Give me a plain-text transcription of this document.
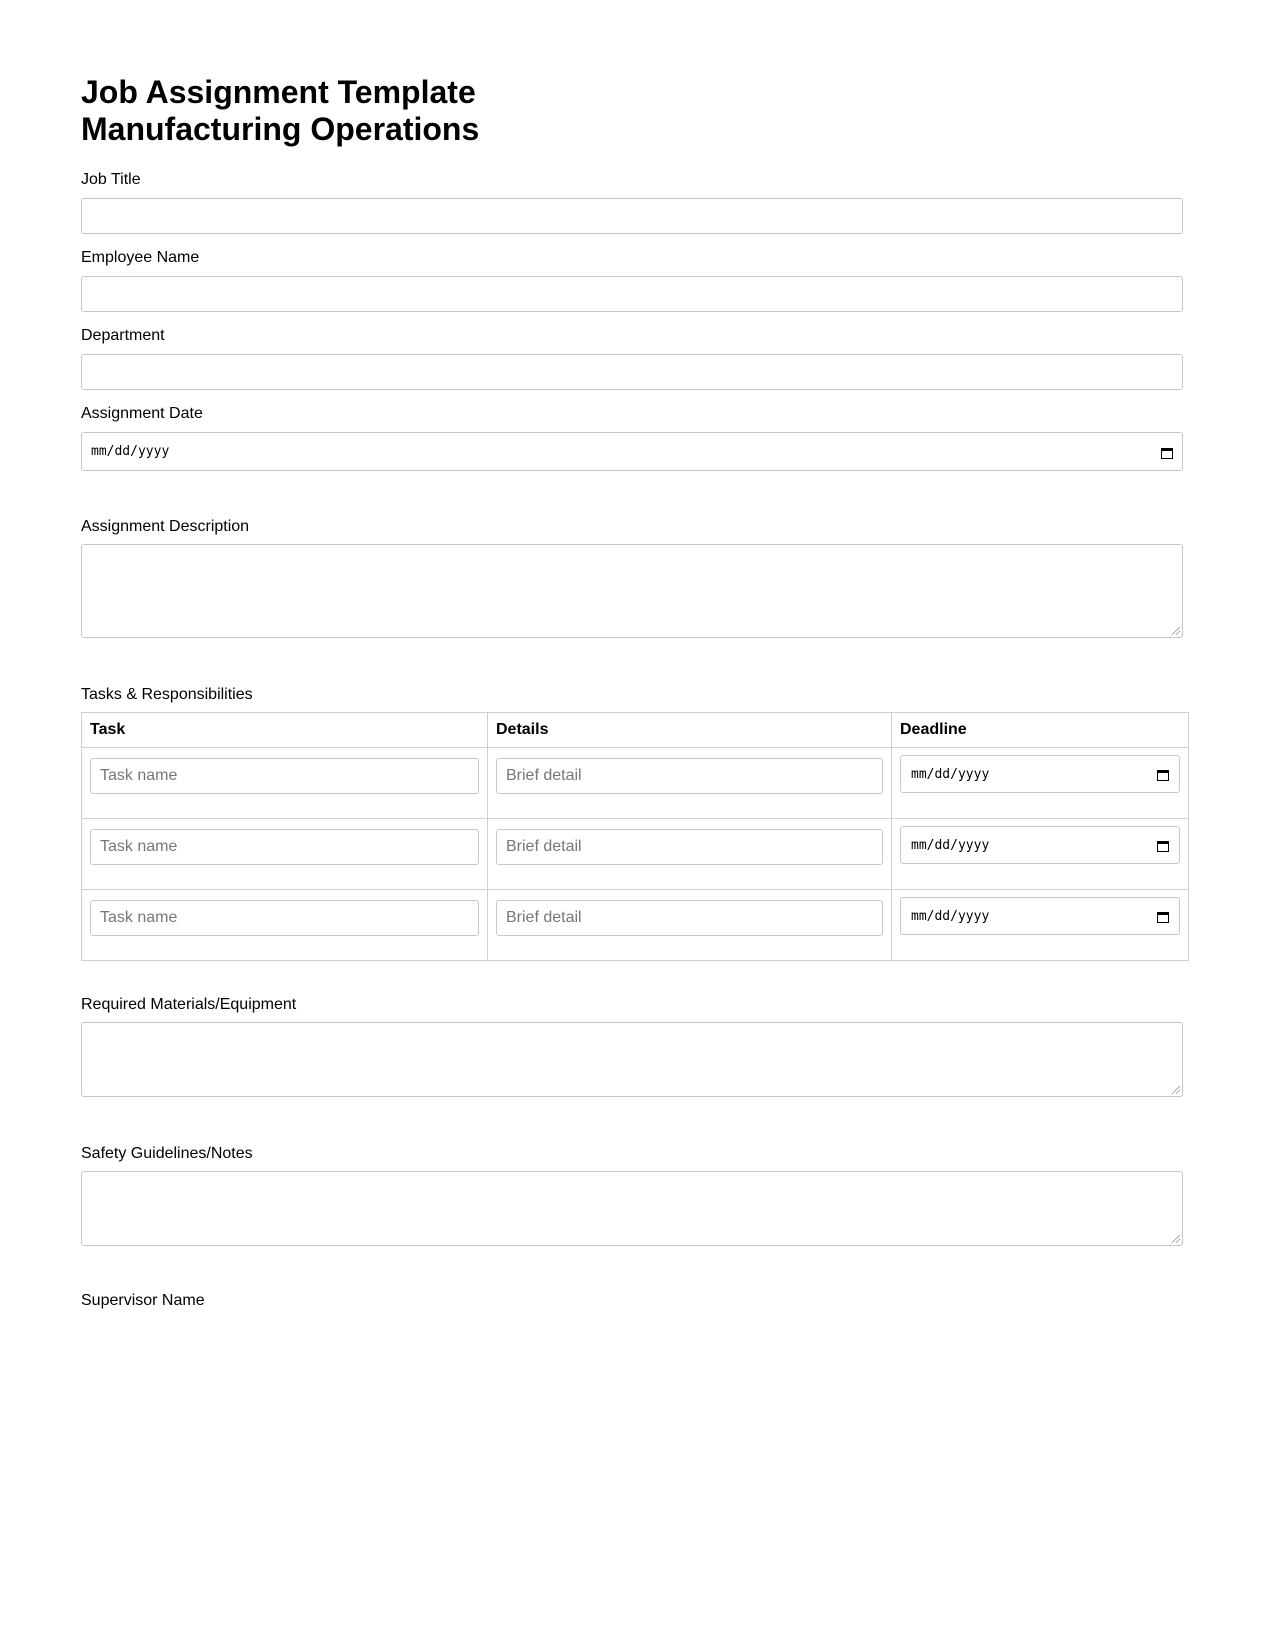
Job Assignment Template
Manufacturing Operations
Job Title
Employee Name
Department
Assignment Date
mm/dd/yyyy
Assignment Description
Tasks & Responsibilities
Task	Details	Deadline

Task name	Brief detail	mm/dd/yyyy

Task name	Brief detail	mm/dd/yyyy

Task name	Brief detail	mm/dd/yyyy
Required Materials/Equipment
Safety Guidelines/Notes
Supervisor Name
